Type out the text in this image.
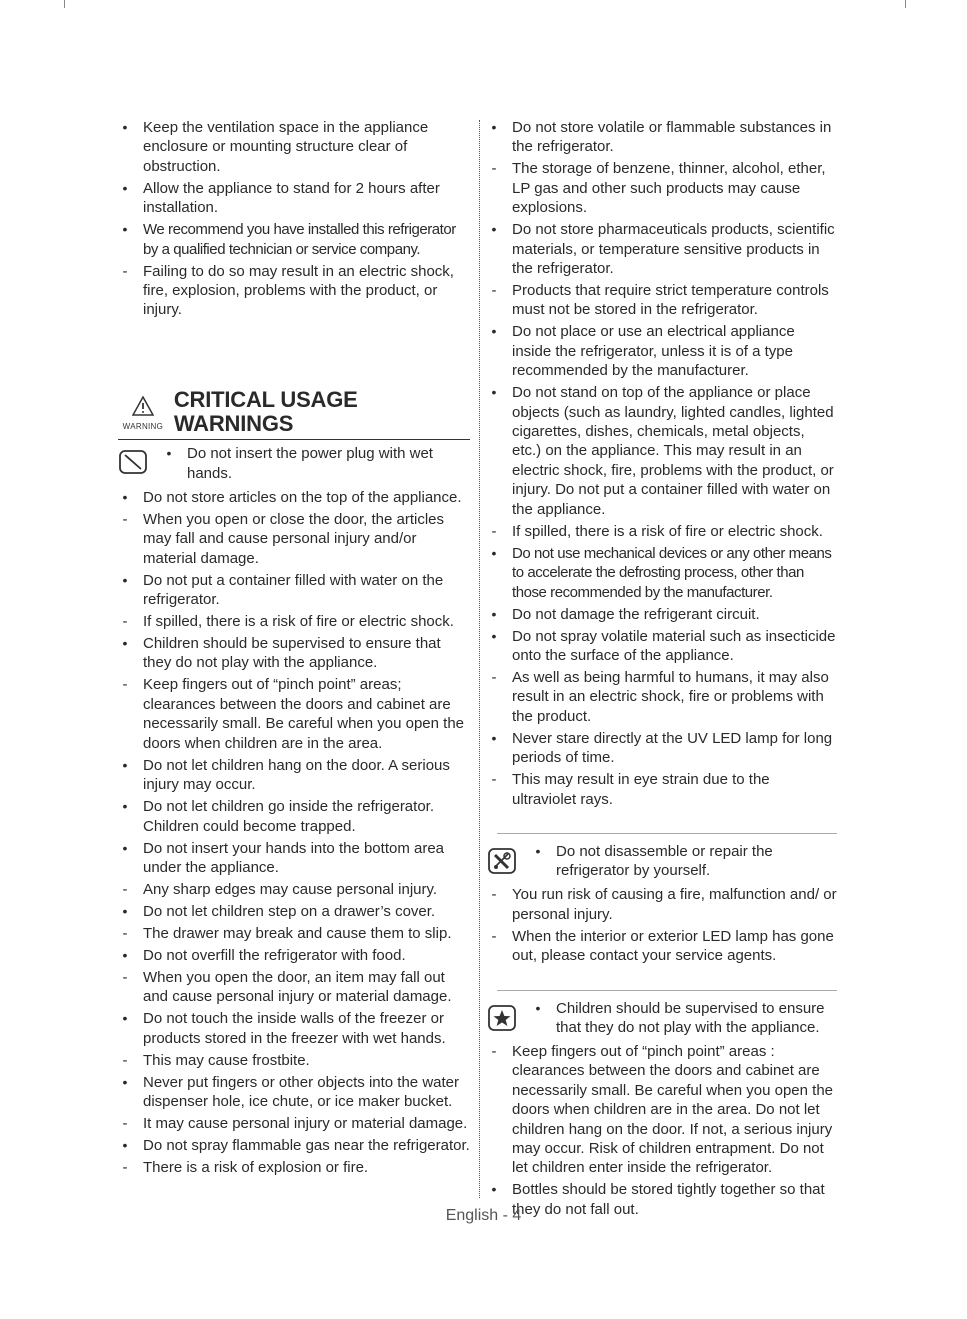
•
Keep the ventilation space in the appliance enclosure or mounting structure clear of obstruction.
•
Allow the appliance to stand for 2 hours after installation.
•
We recommend you have installed this refrigerator by a qualified technician or service company.
-
Failing to do so may result in an electric shock, fire, explosion, problems with the product, or injury.
WARNING
CRITICAL USAGE WARNINGS
•
Do not insert the power plug with wet hands.
•
Do not store articles on the top of the appliance.
-
When you open or close the door, the articles may fall and cause personal injury and/or material damage.
•
Do not put a container filled with water on the refrigerator.
-
If spilled, there is a risk of fire or electric shock.
•
Children should be supervised to ensure that they do not play with the appliance.
-
Keep fingers out of “pinch point” areas; clearances between the doors and cabinet are necessarily small. Be careful when you open the doors when children are in the area.
•
Do not let children hang on the door. A serious injury may occur.
•
Do not let children go inside the refrigerator. Children could become trapped.
•
Do not insert your hands into the bottom area under the appliance.
-
Any sharp edges may cause personal injury.
•
Do not let children step on a drawer’s cover.
-
The drawer may break and cause them to slip.
•
Do not overfill the refrigerator with food.
-
When you open the door, an item may fall out and cause personal injury or material damage.
•
Do not touch the inside walls of the freezer or products stored in the freezer with wet hands.
-
This may cause frostbite.
•
Never put fingers or other objects into the water dispenser hole, ice chute, or ice maker bucket.
-
It may cause personal injury or material damage.
•
Do not spray flammable gas near the refrigerator.
-
There is a risk of explosion or fire.
•
Do not store volatile or flammable substances in the refrigerator.
-
The storage of benzene, thinner, alcohol, ether, LP gas and other such products may cause explosions.
•
Do not store pharmaceuticals products, scientific materials, or temperature sensitive products in the refrigerator.
-
Products that require strict temperature controls must not be stored in the refrigerator.
•
Do not place or use an electrical appliance inside the refrigerator, unless it is of a type recommended by the manufacturer.
•
Do not stand on top of the appliance or place objects (such as laundry, lighted candles, lighted cigarettes, dishes, chemicals, metal objects, etc.) on the appliance. This may result in an electric shock, fire, problems with the product, or injury. Do not put a container filled with water on the appliance.
-
If spilled, there is a risk of fire or electric shock.
•
Do not use mechanical devices or any other means to accelerate the defrosting process, other than those recommended by the manufacturer.
•
Do not damage the refrigerant circuit.
•
Do not spray volatile material such as insecticide onto the surface of the appliance.
-
As well as being harmful to humans, it may also result in an electric shock, fire or problems with the product.
•
Never stare directly at the UV LED lamp for long periods of time.
-
This may result in eye strain due to the ultraviolet rays.
•
Do not disassemble or repair the refrigerator by yourself.
-
You run risk of causing a fire, malfunction and/ or personal injury.
-
When the interior or exterior LED lamp has gone out, please contact your service agents.
•
Children should be supervised to ensure that they do not play with the appliance.
-
Keep fingers out of “pinch point” areas : clearances between the doors and cabinet are necessarily small. Be careful when you open the doors when children are in the area. Do not let children hang on the door. If not, a serious injury may occur. Risk of children entrapment. Do not let children enter inside the refrigerator.
•
Bottles should be stored tightly together so that they do not fall out.
English - 4
